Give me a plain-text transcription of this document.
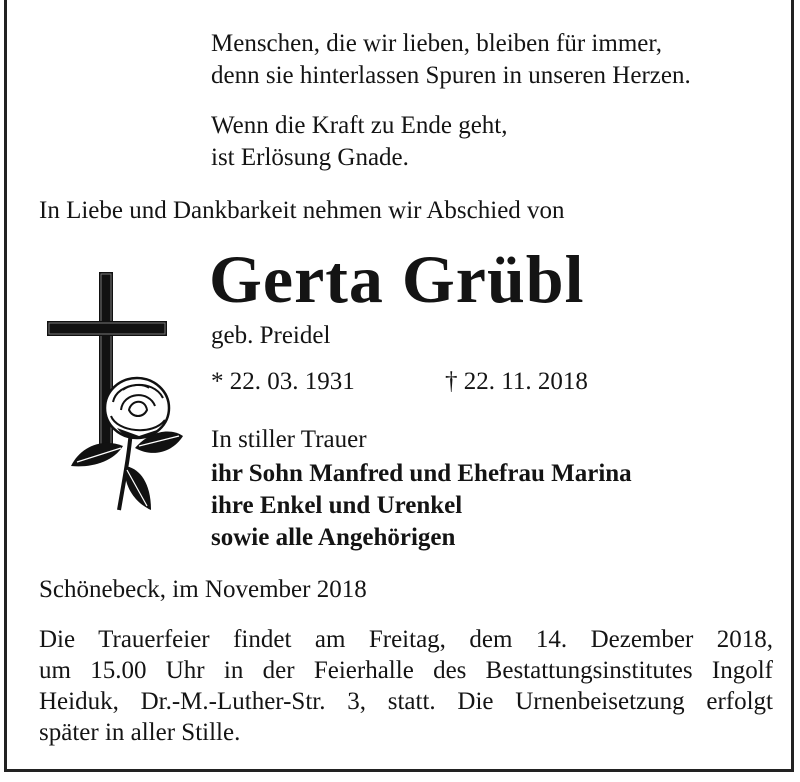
Menschen, die wir lieben, bleiben für immer,
denn sie hinterlassen Spuren in unseren Herzen.
Wenn die Kraft zu Ende geht,
ist Erlösung Gnade.
In Liebe und Dankbarkeit nehmen wir Abschied von
Gerta Grübl
geb. Preidel
* 22. 03. 1931	† 22. 11. 2018
In stiller Trauer
ihr Sohn Manfred und Ehefrau Marina
ihre Enkel und Urenkel
sowie alle Angehörigen
Schönebeck, im November 2018

Die Trauerfeier findet am Freitag, dem 14. Dezember 2018,

um 15.00 Uhr in der Feierhalle des Bestattungsinstitutes Ingolf

Heiduk, Dr.-M.-Luther-Str. 3, statt. Die Urnenbeisetzung erfolgt

später in aller Stille.
